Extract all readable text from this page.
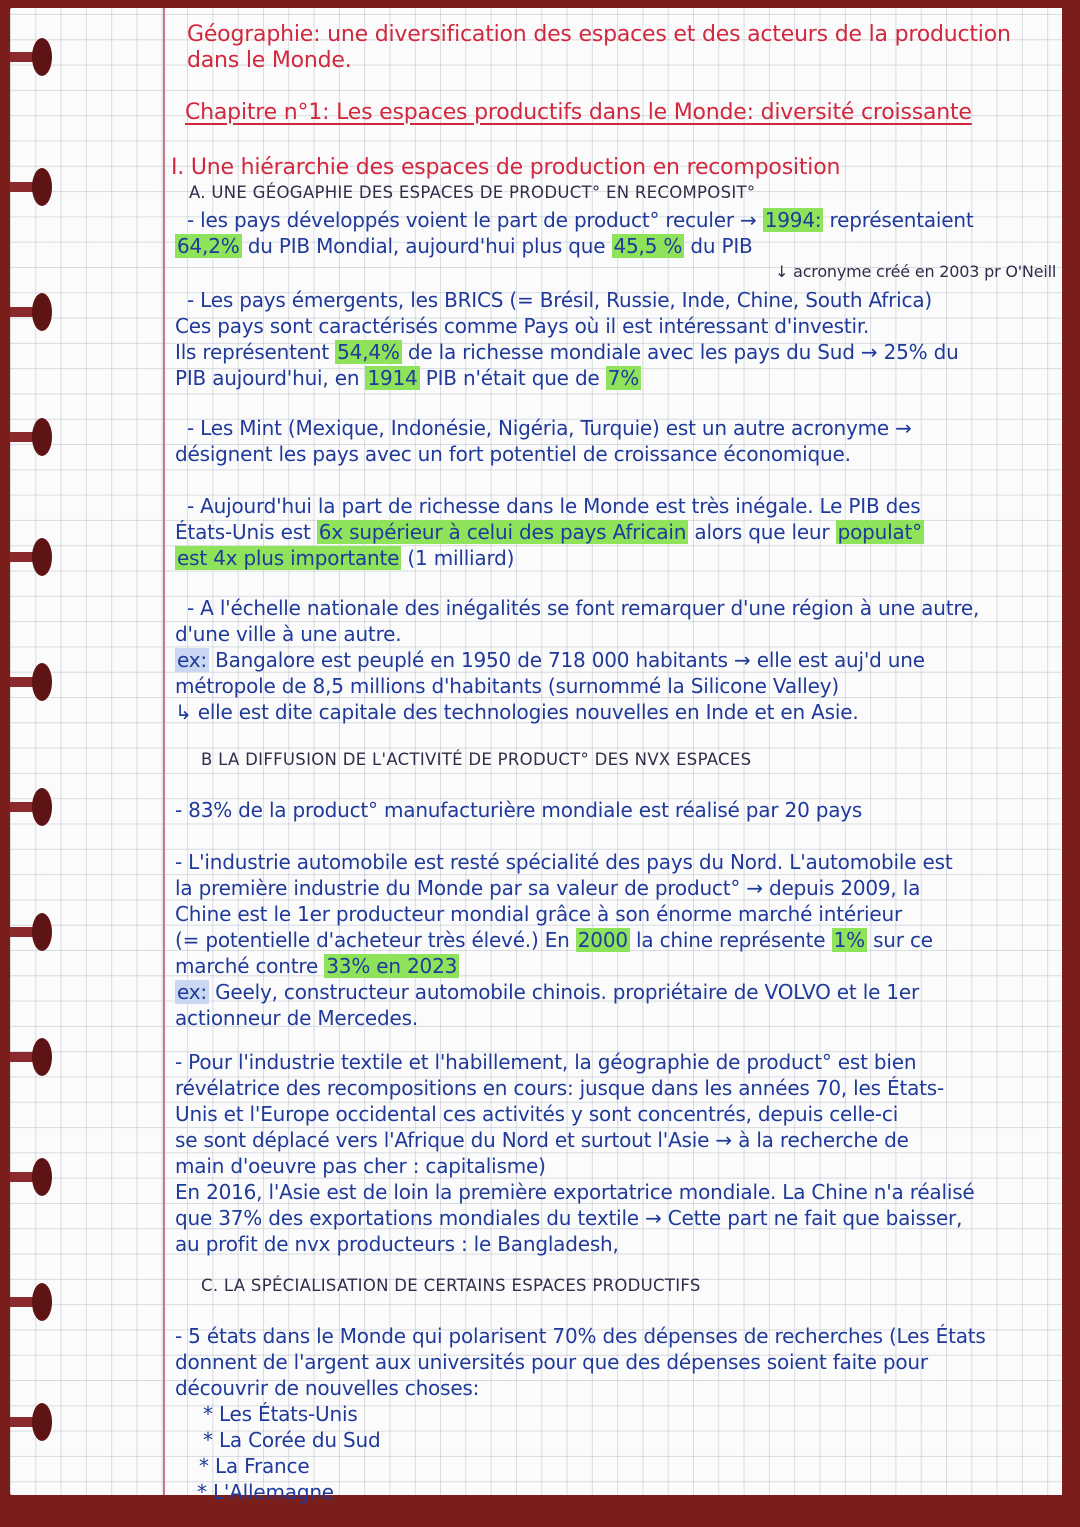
Géographie: une diversification des espaces et des acteurs de la production
dans le Monde.
Chapitre n°1: Les espaces productifs dans le Monde: diversité croissante
I. Une hiérarchie des espaces de production en recomposition
A. UNE GÉOGAPHIE DES ESPACES DE PRODUCT° EN RECOMPOSIT°
- les pays développés voient le part de product° reculer → 1994: représentaient
64,2% du PIB Mondial, aujourd'hui plus que 45,5 % du PIB
↓ acronyme créé en 2003 pr O'Neill
- Les pays émergents, les BRICS (= Brésil, Russie, Inde, Chine, South Africa)
Ces pays sont caractérisés comme Pays où il est intéressant d'investir.
Ils représentent 54,4% de la richesse mondiale avec les pays du Sud → 25% du
PIB aujourd'hui, en 1914 PIB n'était que de 7%
- Les Mint (Mexique, Indonésie, Nigéria, Turquie) est un autre acronyme →
désignent les pays avec un fort potentiel de croissance économique.
- Aujourd'hui la part de richesse dans le Monde est très inégale. Le PIB des
États-Unis est 6x supérieur à celui des pays Africain alors que leur populat°
est 4x plus importante (1 milliard)
- A l'échelle nationale des inégalités se font remarquer d'une région à une autre,
d'une ville à une autre.
ex: Bangalore est peuplé en 1950 de 718 000 habitants → elle est auj'd une
métropole de 8,5 millions d'habitants (surnommé la Silicone Valley)
↳ elle est dite capitale des technologies nouvelles en Inde et en Asie.
B LA DIFFUSION DE L'ACTIVITÉ DE PRODUCT° DES NVX ESPACES
- 83% de la product° manufacturière mondiale est réalisé par 20 pays
- L'industrie automobile est resté spécialité des pays du Nord. L'automobile est
la première industrie du Monde par sa valeur de product° → depuis 2009, la
Chine est le 1er producteur mondial grâce à son énorme marché intérieur
(= potentielle d'acheteur très élevé.) En 2000 la chine représente 1% sur ce
marché contre 33% en 2023
ex: Geely, constructeur automobile chinois. propriétaire de VOLVO et le 1er
actionneur de Mercedes.
- Pour l'industrie textile et l'habillement, la géographie de product° est bien
révélatrice des recompositions en cours: jusque dans les années 70, les États-
Unis et l'Europe occidental ces activités y sont concentrés, depuis celle-ci
se sont déplacé vers l'Afrique du Nord et surtout l'Asie → à la recherche de
main d'oeuvre pas cher : capitalisme)
En 2016, l'Asie est de loin la première exportatrice mondiale. La Chine n'a réalisé
que 37% des exportations mondiales du textile → Cette part ne fait que baisser,
au profit de nvx producteurs : le Bangladesh,
C. LA SPÉCIALISATION DE CERTAINS ESPACES PRODUCTIFS
- 5 états dans le Monde qui polarisent 70% des dépenses de recherches (Les États
donnent de l'argent aux universités pour que des dépenses soient faite pour
découvrir de nouvelles choses:
* Les États-Unis
* La Corée du Sud
* La France
* L'Allemagne
